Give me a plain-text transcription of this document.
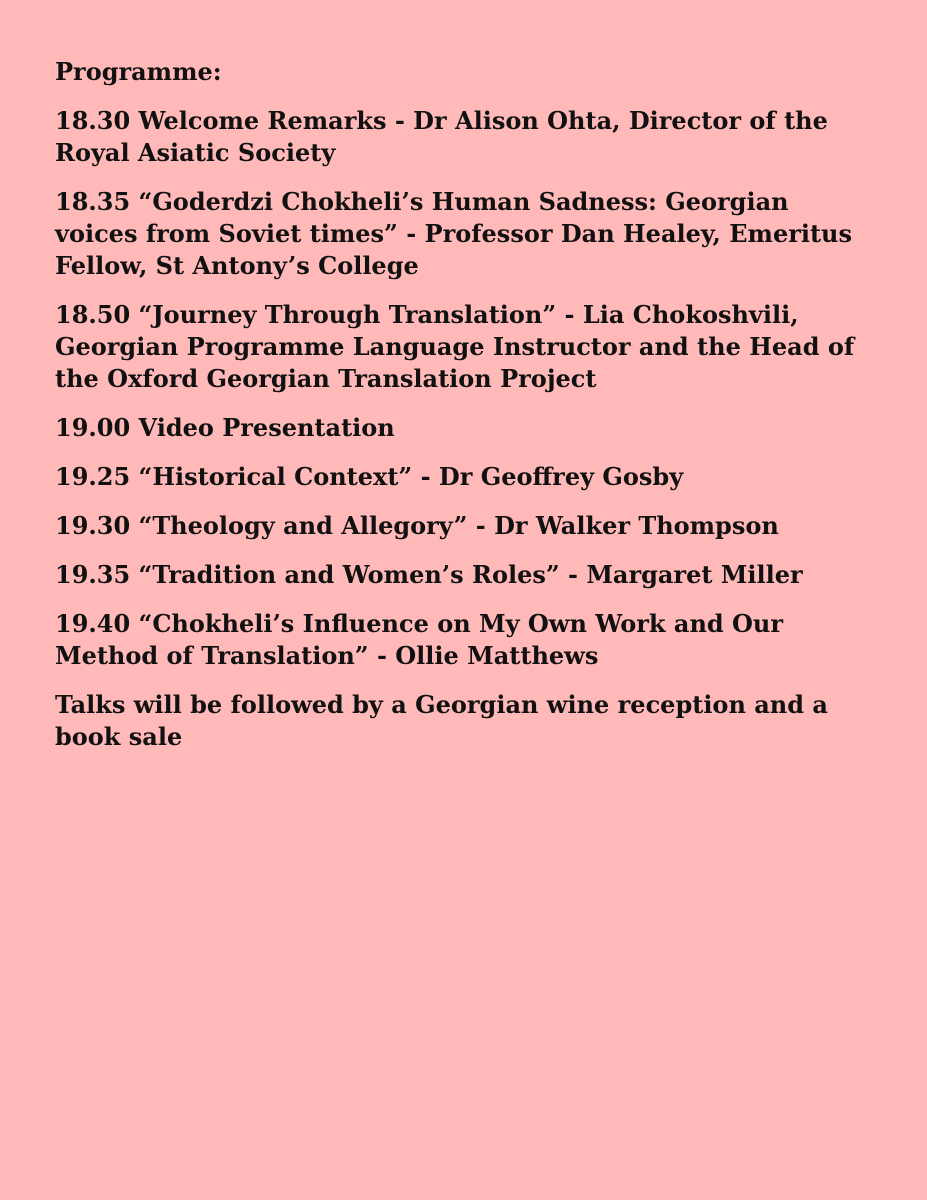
Programme:
18.30 Welcome Remarks - Dr Alison Ohta, Director of the Royal Asiatic Society
18.35 “Goderdzi Chokheli’s Human Sadness: Georgian voices from Soviet times” - Professor Dan Healey, Emeritus Fellow, St Antony’s College
18.50 “Journey Through Translation” - Lia Chokoshvili, Georgian Programme Language Instructor and the Head of the Oxford Georgian Translation Project
19.00 Video Presentation
19.25 “Historical Context” - Dr Geoffrey Gosby
19.30 “Theology and Allegory” - Dr Walker Thompson
19.35 “Tradition and Women’s Roles” - Margaret Miller
19.40 “Chokheli’s Influence on My Own Work and Our Method of Translation” - Ollie Matthews
Talks will be followed by a Georgian wine reception and a book sale
